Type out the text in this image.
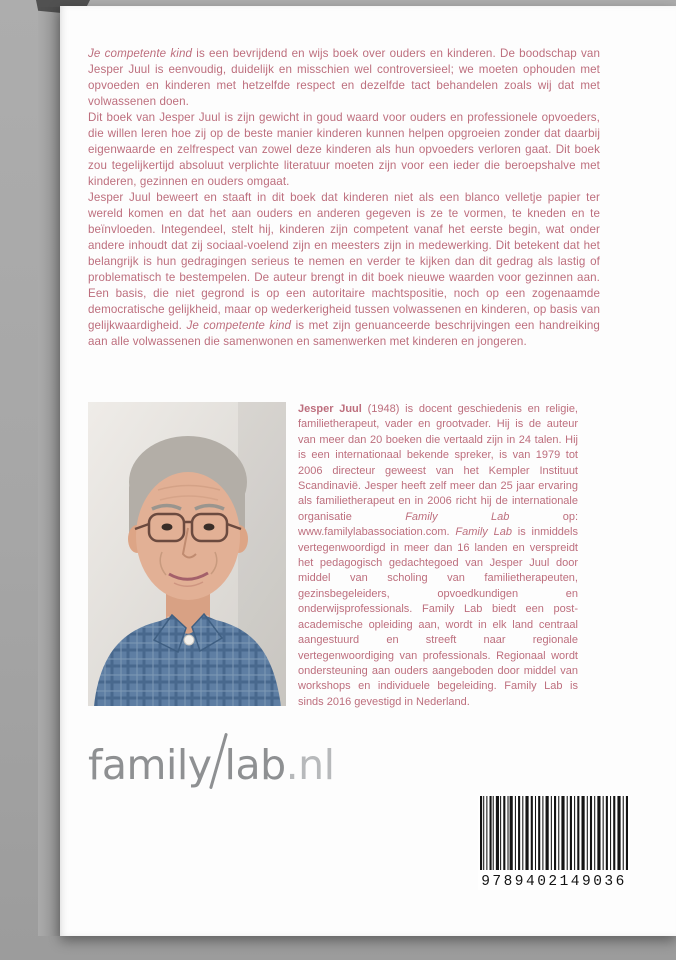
Je competente kind is een bevrijdend en wijs boek over ouders en kinderen. De boodschap van Jesper Juul is eenvoudig, duidelijk en misschien wel controversieel; we moeten ophouden met opvoeden en kinderen met hetzelfde respect en dezelfde tact behandelen zoals wij dat met volwassenen doen.

Dit boek van Jesper Juul is zijn gewicht in goud waard voor ouders en professionele opvoeders, die willen leren hoe zij op de beste manier kinderen kunnen helpen opgroeien zonder dat daarbij eigenwaarde en zelfrespect van zowel deze kinderen als hun opvoeders verloren gaat. Dit boek zou tegelijkertijd absoluut verplichte literatuur moeten zijn voor een ieder die beroepshalve met kinderen, gezinnen en ouders omgaat.

Jesper Juul beweert en staaft in dit boek dat kinderen niet als een blanco velletje papier ter wereld komen en dat het aan ouders en anderen gegeven is ze te vormen, te kneden en te beïnvloeden. Integendeel, stelt hij, kinderen zijn competent vanaf het eerste begin, wat onder andere inhoudt dat zij sociaal-voelend zijn en meesters zijn in medewerking. Dit betekent dat het belangrijk is hun gedragingen serieus te nemen en verder te kijken dan dit gedrag als lastig of problematisch te bestempelen. De auteur brengt in dit boek nieuwe waarden voor gezinnen aan. Een basis, die niet gegrond is op een autoritaire machtspositie, noch op een zogenaamde democratische gelijkheid, maar op wederkerigheid tussen volwassenen en kinderen, op basis van gelijkwaardigheid. Je competente kind is met zijn genuanceerde beschrijvingen een handreiking aan alle volwassenen die samenwonen en samenwerken met kinderen en jongeren.

Jesper Juul (1948) is docent geschiedenis en religie, familietherapeut, vader en grootvader. Hij is de auteur van meer dan 20 boeken die vertaald zijn in 24 talen. Hij is een internationaal bekende spreker, is van 1979 tot 2006 directeur geweest van het Kempler Instituut Scandinavië. Jesper heeft zelf meer dan 25 jaar ervaring als familietherapeut en in 2006 richt hij de internationale organisatie Family Lab op: www.familylabassociation.com. Family Lab is inmiddels vertegenwoordigd in meer dan 16 landen en verspreidt het pedagogisch gedachtegoed van Jesper Juul door middel van scholing van familietherapeuten, gezinsbegeleiders, opvoedkundigen en onderwijsprofessionals. Family Lab biedt een post-academische opleiding aan, wordt in elk land centraal aangestuurd en streeft naar regionale vertegenwoordiging van professionals. Regionaal wordt ondersteuning aan ouders aangeboden door middel van workshops en individuele begeleiding. Family Lab is sinds 2016 gevestigd in Nederland.

family lab .nl
9789402149036
